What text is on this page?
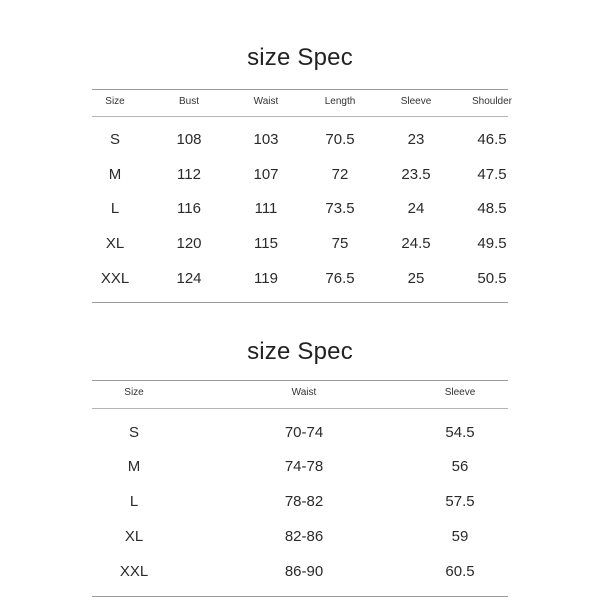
size Spec
Size	Bust	Waist	Length	Sleeve	Shoulder
S	108	103	70.5	23	46.5
M	112	107	72	23.5	47.5
L	116	111	73.5	24	48.5
XL	120	115	75	24.5	49.5
XXL	124	119	76.5	25	50.5
size Spec
Size	Waist	Sleeve
S	70-74	54.5
M	74-78	56
L	78-82	57.5
XL	82-86	59
XXL	86-90	60.5
